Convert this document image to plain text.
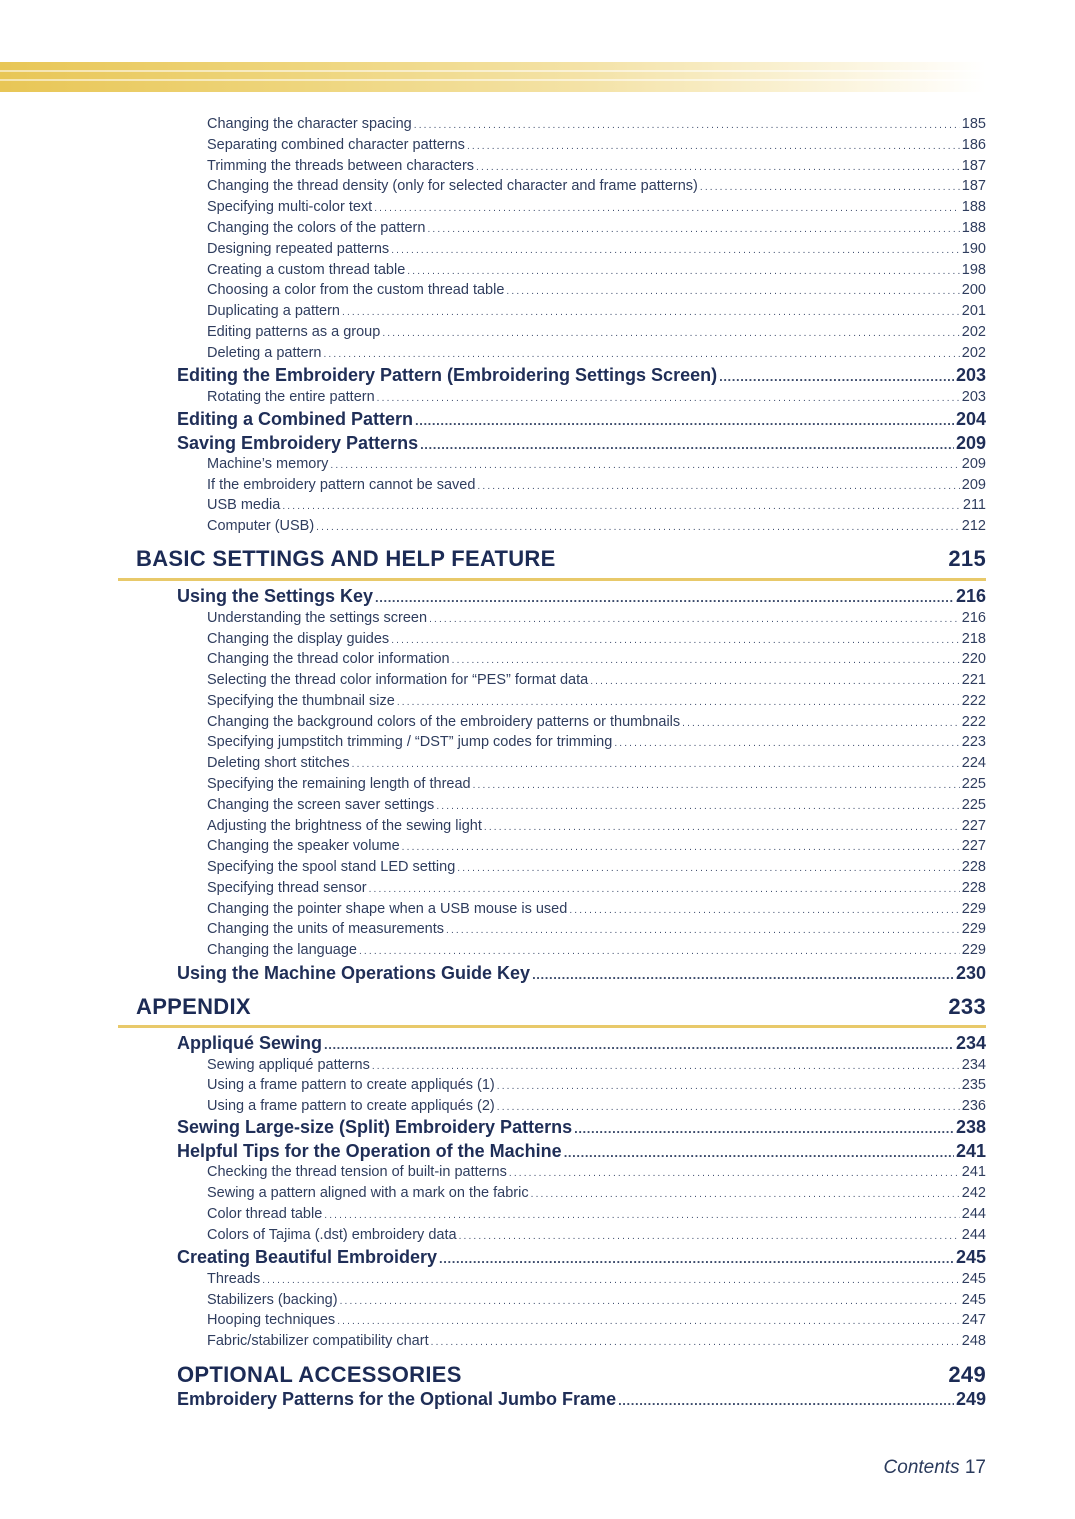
Changing the character spacing . . .	185
Separating combined character patterns . . .	186
Trimming the threads between characters . . .	187
Changing the thread density (only for selected character and frame patterns) . . .	187
Specifying multi-color text . . .	188
Changing the colors of the pattern . . .	188
Designing repeated patterns . . .	190
Creating a custom thread table . . .	198
Choosing a color from the custom thread table . . .	200
Duplicating a pattern . . .	201
Editing patterns as a group . . .	202
Deleting a pattern . . .	202
Editing the Embroidery Pattern (Embroidering Settings Screen) . . .	203
Rotating the entire pattern . . .	203
Editing a Combined Pattern . . .	204
Saving Embroidery Patterns . . .	209
Machine’s memory . . .	209
If the embroidery pattern cannot be saved . . .	209
USB media . . .	211
Computer (USB) . . .	212
BASIC SETTINGS AND HELP FEATURE	215
Using the Settings Key . . .	216
Understanding the settings screen . . .	216
Changing the display guides . . .	218
Changing the thread color information . . .	220
Selecting the thread color information for “PES” format data . . .	221
Specifying the thumbnail size . . .	222
Changing the background colors of the embroidery patterns or thumbnails . . .	222
Specifying jumpstitch trimming / “DST” jump codes for trimming . . .	223
Deleting short stitches . . .	224
Specifying the remaining length of thread . . .	225
Changing the screen saver settings . . .	225
Adjusting the brightness of the sewing light . . .	227
Changing the speaker volume . . .	227
Specifying the spool stand LED setting . . .	228
Specifying thread sensor . . .	228
Changing the pointer shape when a USB mouse is used . . .	229
Changing the units of measurements . . .	229
Changing the language . . .	229
Using the Machine Operations Guide Key . . .	230
APPENDIX	233
Appliqué Sewing . . .	234
Sewing appliqué patterns . . .	234
Using a frame pattern to create appliqués (1) . . .	235
Using a frame pattern to create appliqués (2) . . .	236
Sewing Large-size (Split) Embroidery Patterns . . .	238
Helpful Tips for the Operation of the Machine . . .	241
Checking the thread tension of built-in patterns . . .	241
Sewing a pattern aligned with a mark on the fabric . . .	242
Color thread table . . .	244
Colors of Tajima (.dst) embroidery data . . .	244
Creating Beautiful Embroidery . . .	245
Threads . . .	245
Stabilizers (backing) . . .	245
Hooping techniques . . .	247
Fabric/stabilizer compatibility chart . . .	248
OPTIONAL ACCESSORIES	249
Embroidery Patterns for the Optional Jumbo Frame . . .	249
Contents 17
